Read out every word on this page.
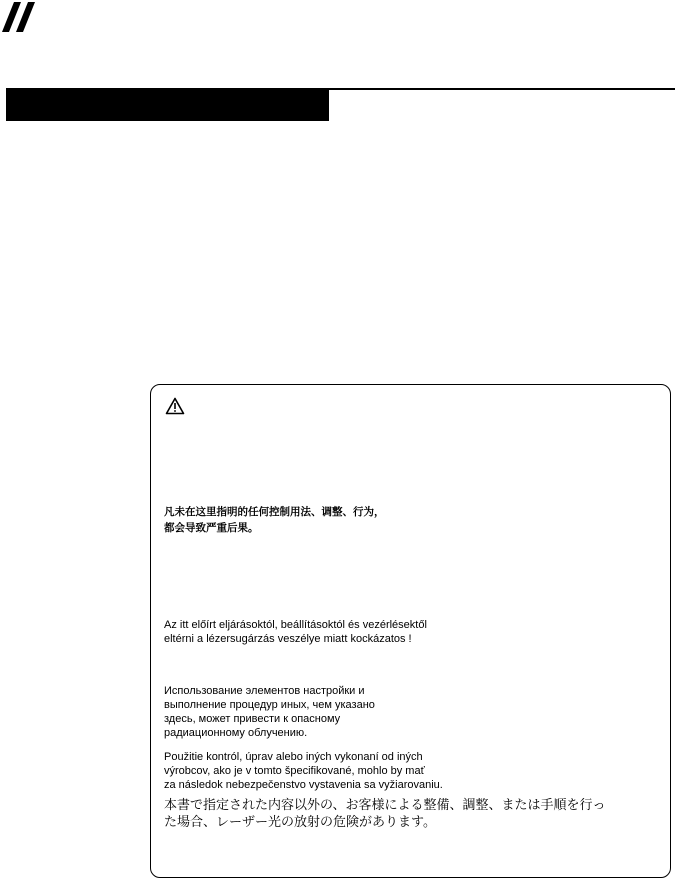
凡未在这里指明的任何控制用法、调整、行为，
都会导致严重后果。
Az itt előírt eljárásoktól, beállításoktól és vezérlésektől
eltérni a lézersugárzás veszélye miatt kockázatos !
Использование элементов настройки и
выполнение процедур иных, чем указано
здесь, может привести к опасному
радиационному облучению.
Použitie kontról, úprav alebo iných vykonaní od iných
výrobcov, ako je v tomto špecifikované, mohlo by mať
za následok nebezpečenstvo vystavenia sa vyžiarovaniu.
本書で指定された内容以外の、お客様による整備、調整、または手順を行っ
た場合、レーザー光の放射の危険があります。
